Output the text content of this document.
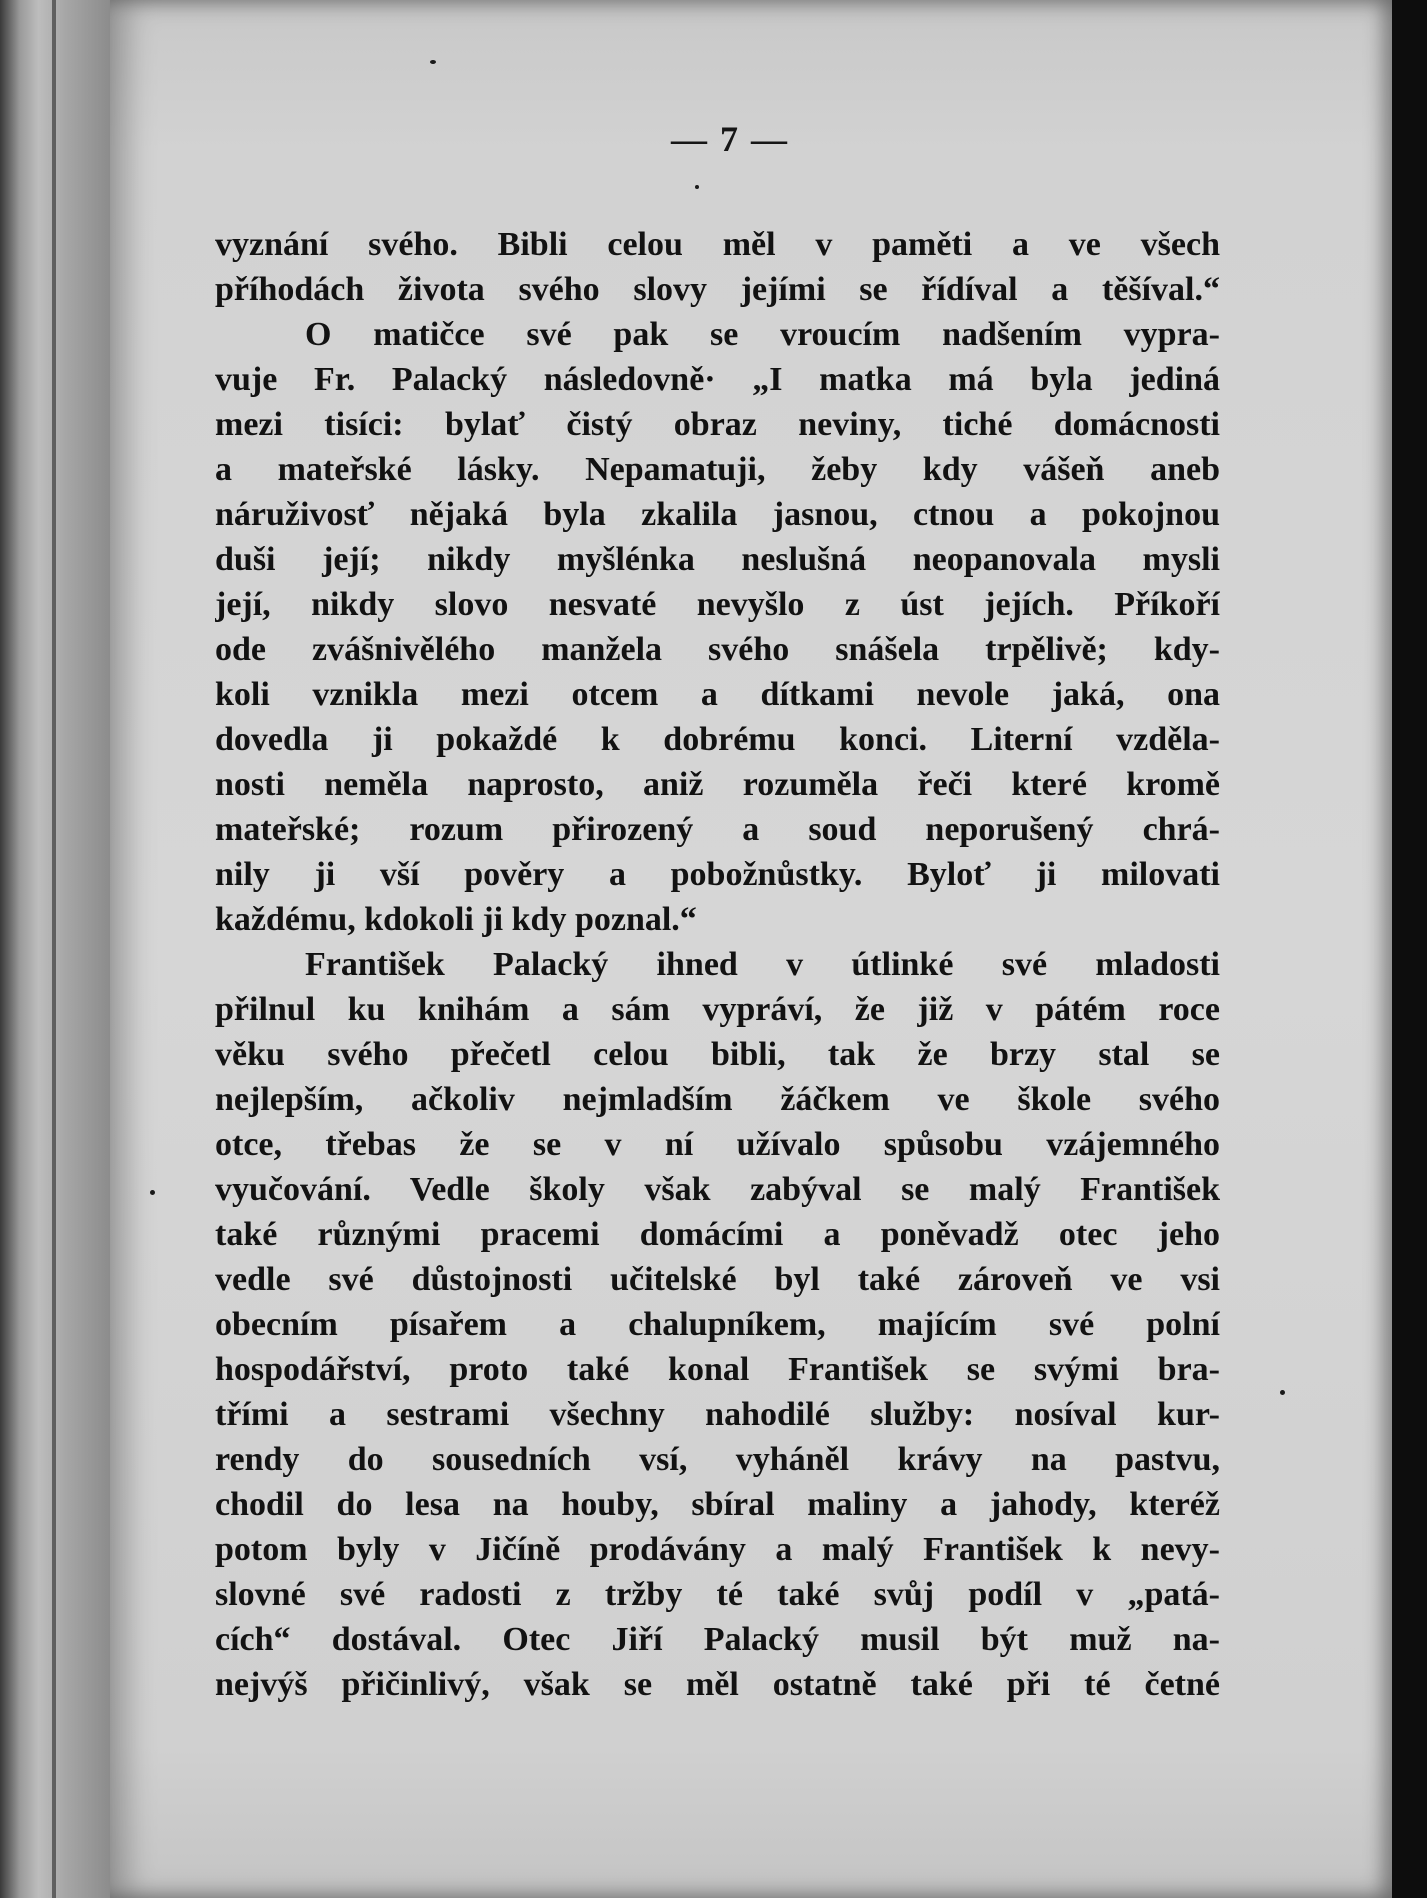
— 7 —
vyznání svého. Bibli celou měl v paměti a ve všech
příhodách života svého slovy jejími se řídíval a těšíval.“
O matičce své pak se vroucím nadšením vypra-
vuje Fr. Palacký následovně· „I matka má byla jediná
mezi tisíci: bylať čistý obraz neviny, tiché domácnosti
a mateřské lásky. Nepamatuji, žeby kdy vášeň aneb
náruživosť nějaká byla zkalila jasnou, ctnou a pokojnou
duši její; nikdy myšlénka neslušná neopanovala mysli
její, nikdy slovo nesvaté nevyšlo z úst jejích. Příkoří
ode zvášnivělého manžela svého snášela trpělivě; kdy-
koli vznikla mezi otcem a dítkami nevole jaká, ona
dovedla ji pokaždé k dobrému konci. Literní vzděla-
nosti neměla naprosto, aniž rozuměla řeči které kromě
mateřské; rozum přirozený a soud neporušený chrá-
nily ji vší pověry a pobožnůstky. Byloť ji milovati
každému, kdokoli ji kdy poznal.“
František Palacký ihned v útlinké své mladosti
přilnul ku knihám a sám vypráví, že již v pátém roce
věku svého přečetl celou bibli, tak že brzy stal se
nejlepším, ačkoliv nejmladším žáčkem ve škole svého
otce, třebas že se v ní užívalo spůsobu vzájemného
vyučování. Vedle školy však zabýval se malý František
také různými pracemi domácími a poněvadž otec jeho
vedle své důstojnosti učitelské byl také zároveň ve vsi
obecním písařem a chalupníkem, majícím své polní
hospodářství, proto také konal František se svými bra-
třími a sestrami všechny nahodilé služby: nosíval kur-
rendy do sousedních vsí, vyháněl krávy na pastvu,
chodil do lesa na houby, sbíral maliny a jahody, kteréž
potom byly v Jičíně prodávány a malý František k nevy-
slovné své radosti z tržby té také svůj podíl v „patá-
cích“ dostával. Otec Jiří Palacký musil být muž na-
nejvýš přičinlivý, však se měl ostatně také při té četné
